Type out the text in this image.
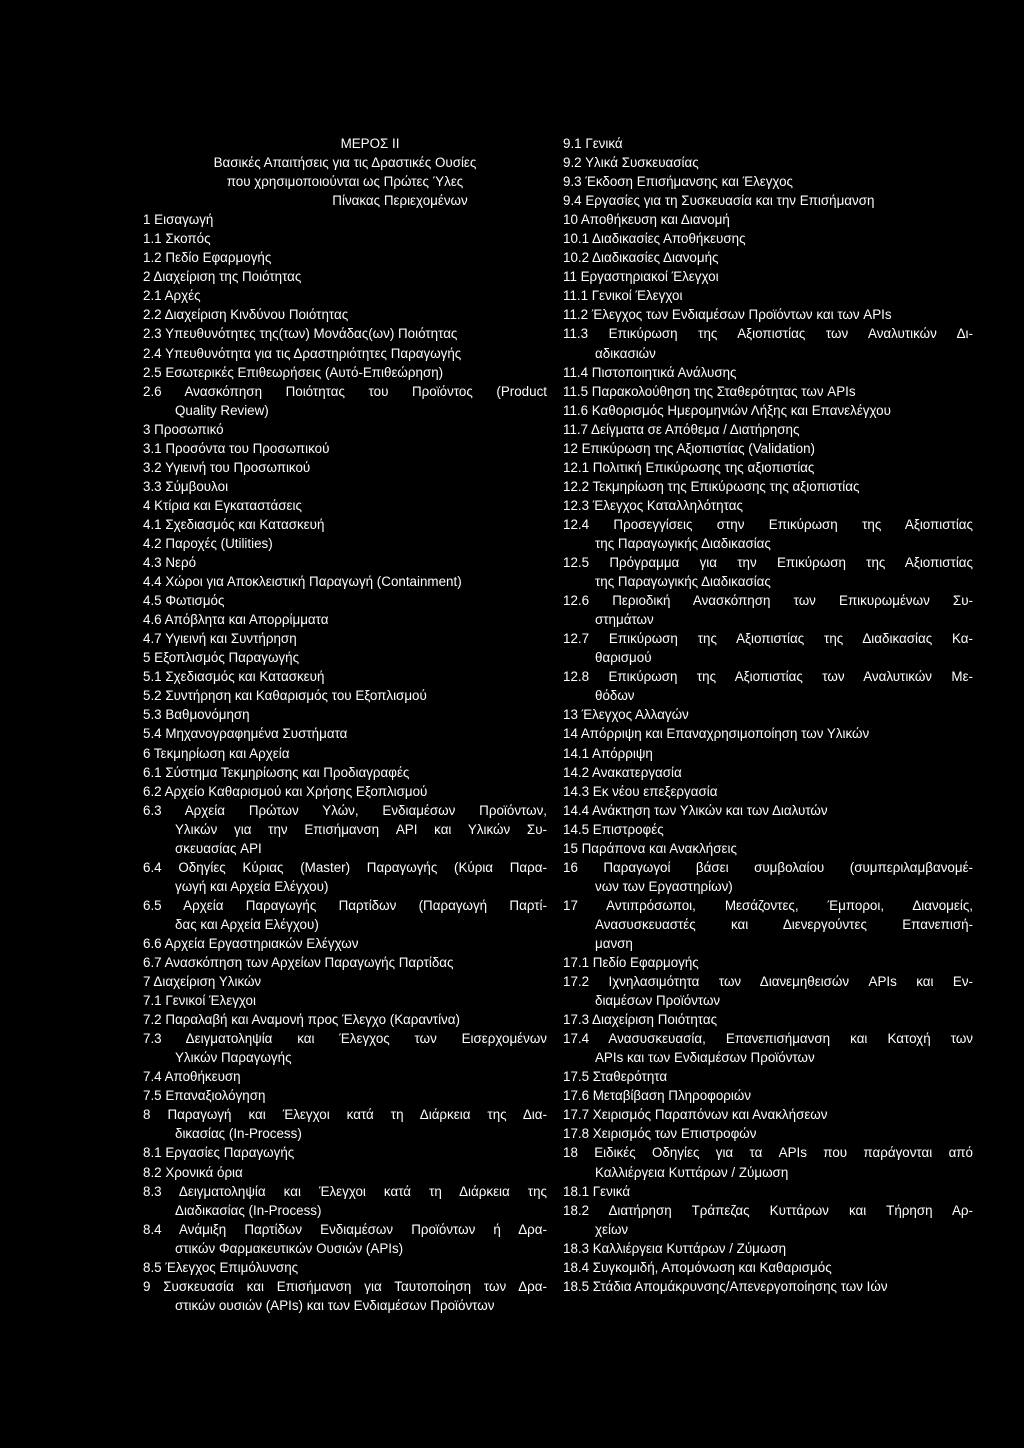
ΜΕΡΟΣ ΙΙ
Βασικές Απαιτήσεις για τις Δραστικές Ουσίες
που χρησιμοποιούνται ως Πρώτες Ύλες
Πίνακας Περιεχομένων
1 Εισαγωγή
1.1 Σκοπός
1.2 Πεδίο Εφαρμογής
2 Διαχείριση της Ποιότητας
2.1 Αρχές
2.2 Διαχείριση Κινδύνου Ποιότητας
2.3 Υπευθυνότητες της(των) Μονάδας(ων) Ποιότητας
2.4 Υπευθυνότητα για τις Δραστηριότητες Παραγωγής
2.5 Εσωτερικές Επιθεωρήσεις (Αυτό-Επιθεώρηση)
2.6 Ανασκόπηση Ποιότητας του Προϊόντος (Product
Quality Review)
3 Προσωπικό
3.1 Προσόντα του Προσωπικού
3.2 Υγιεινή του Προσωπικού
3.3 Σύμβουλοι
4 Κτίρια και Εγκαταστάσεις
4.1 Σχεδιασμός και Κατασκευή
4.2 Παροχές (Utilities)
4.3 Νερό
4.4 Χώροι για Αποκλειστική Παραγωγή (Containment)
4.5 Φωτισμός
4.6 Απόβλητα και Απορρίμματα
4.7 Υγιεινή και Συντήρηση
5 Εξοπλισμός Παραγωγής
5.1 Σχεδιασμός και Κατασκευή
5.2 Συντήρηση και Καθαρισμός του Εξοπλισμού
5.3 Βαθμονόμηση
5.4 Μηχανογραφημένα Συστήματα
6 Τεκμηρίωση και Αρχεία
6.1 Σύστημα Τεκμηρίωσης και Προδιαγραφές
6.2 Αρχείο Καθαρισμού και Χρήσης Εξοπλισμού
6.3 Αρχεία Πρώτων Υλών, Ενδιαμέσων Προϊόντων,
Υλικών για την Επισήμανση API και Υλικών Συ-
σκευασίας API
6.4 Οδηγίες Κύριας (Master) Παραγωγής (Κύρια Παρα-
γωγή και Αρχεία Ελέγχου)
6.5 Αρχεία Παραγωγής Παρτίδων (Παραγωγή Παρτί-
δας και Αρχεία Ελέγχου)
6.6 Αρχεία Εργαστηριακών Ελέγχων
6.7 Ανασκόπηση των Αρχείων Παραγωγής Παρτίδας
7 Διαχείριση Υλικών
7.1 Γενικοί Έλεγχοι
7.2 Παραλαβή και Αναμονή προς Έλεγχο (Καραντίνα)
7.3 Δειγματοληψία και Έλεγχος των Εισερχομένων
Υλικών Παραγωγής
7.4 Αποθήκευση
7.5 Επαναξιολόγηση
8 Παραγωγή και Έλεγχοι κατά τη Διάρκεια της Δια-
δικασίας (In-Process)
8.1 Εργασίες Παραγωγής
8.2 Χρονικά όρια
8.3 Δειγματοληψία και Έλεγχοι κατά τη Διάρκεια της
Διαδικασίας (In-Process)
8.4 Ανάμιξη Παρτίδων Ενδιαμέσων Προϊόντων ή Δρα-
στικών Φαρμακευτικών Ουσιών (APIs)
8.5 Έλεγχος Επιμόλυνσης
9 Συσκευασία και Επισήμανση για Ταυτοποίηση των Δρα-
στικών ουσιών (APIs) και των Ενδιαμέσων Προϊόντων
9.1 Γενικά
9.2 Υλικά Συσκευασίας
9.3 Έκδοση Επισήμανσης και Έλεγχος
9.4 Εργασίες για τη Συσκευασία και την Επισήμανση
10 Αποθήκευση και Διανομή
10.1 Διαδικασίες Αποθήκευσης
10.2 Διαδικασίες Διανομής
11 Εργαστηριακοί Έλεγχοι
11.1 Γενικοί Έλεγχοι
11.2 Έλεγχος των Ενδιαμέσων Προϊόντων και των APIs
11.3 Επικύρωση της Αξιοπιστίας των Αναλυτικών Δι-
αδικασιών
11.4 Πιστοποιητικά Ανάλυσης
11.5 Παρακολούθηση της Σταθερότητας των APIs
11.6 Καθορισμός Ημερομηνιών Λήξης και Επανελέγχου
11.7 Δείγματα σε Απόθεμα / Διατήρησης
12 Επικύρωση της Αξιοπιστίας (Validation)
12.1 Πολιτική Επικύρωσης της αξιοπιστίας
12.2 Τεκμηρίωση της Επικύρωσης της αξιοπιστίας
12.3 Έλεγχος Καταλληλότητας
12.4 Προσεγγίσεις στην Επικύρωση της Αξιοπιστίας
της Παραγωγικής Διαδικασίας
12.5 Πρόγραμμα για την Επικύρωση της Αξιοπιστίας
της Παραγωγικής Διαδικασίας
12.6 Περιοδική Ανασκόπηση των Επικυρωμένων Συ-
στημάτων
12.7 Επικύρωση της Αξιοπιστίας της Διαδικασίας Κα-
θαρισμού
12.8 Επικύρωση της Αξιοπιστίας των Αναλυτικών Με-
θόδων
13 Έλεγχος Αλλαγών
14 Απόρριψη και Επαναχρησιμοποίηση των Υλικών
14.1 Απόρριψη
14.2 Ανακατεργασία
14.3 Εκ νέου επεξεργασία
14.4 Ανάκτηση των Υλικών και των Διαλυτών
14.5 Επιστροφές
15 Παράπονα και Ανακλήσεις
16 Παραγωγοί βάσει συμβολαίου (συμπεριλαμβανομέ-
νων των Εργαστηρίων)
17 Αντιπρόσωποι, Μεσάζοντες, Έμποροι, Διανομείς,
Ανασυσκευαστές και Διενεργούντες Επανεπισή-
μανση
17.1 Πεδίο Εφαρμογής
17.2 Ιχνηλασιμότητα των Διανεμηθεισών APIs και Εν-
διαμέσων Προϊόντων
17.3 Διαχείριση Ποιότητας
17.4 Ανασυσκευασία, Επανεπισήμανση και Κατοχή των
APIs και των Ενδιαμέσων Προϊόντων
17.5 Σταθερότητα
17.6 Μεταβίβαση Πληροφοριών
17.7 Χειρισμός Παραπόνων και Ανακλήσεων
17.8 Χειρισμός των Επιστροφών
18 Ειδικές Οδηγίες για τα APIs που παράγονται από
Καλλιέργεια Κυττάρων / Ζύμωση
18.1 Γενικά
18.2 Διατήρηση Τράπεζας Κυττάρων και Τήρηση Αρ-
χείων
18.3 Καλλιέργεια Κυττάρων / Ζύμωση
18.4 Συγκομιδή, Απομόνωση και Καθαρισμός
18.5 Στάδια Απομάκρυνσης/Απενεργοποίησης των Ιών
